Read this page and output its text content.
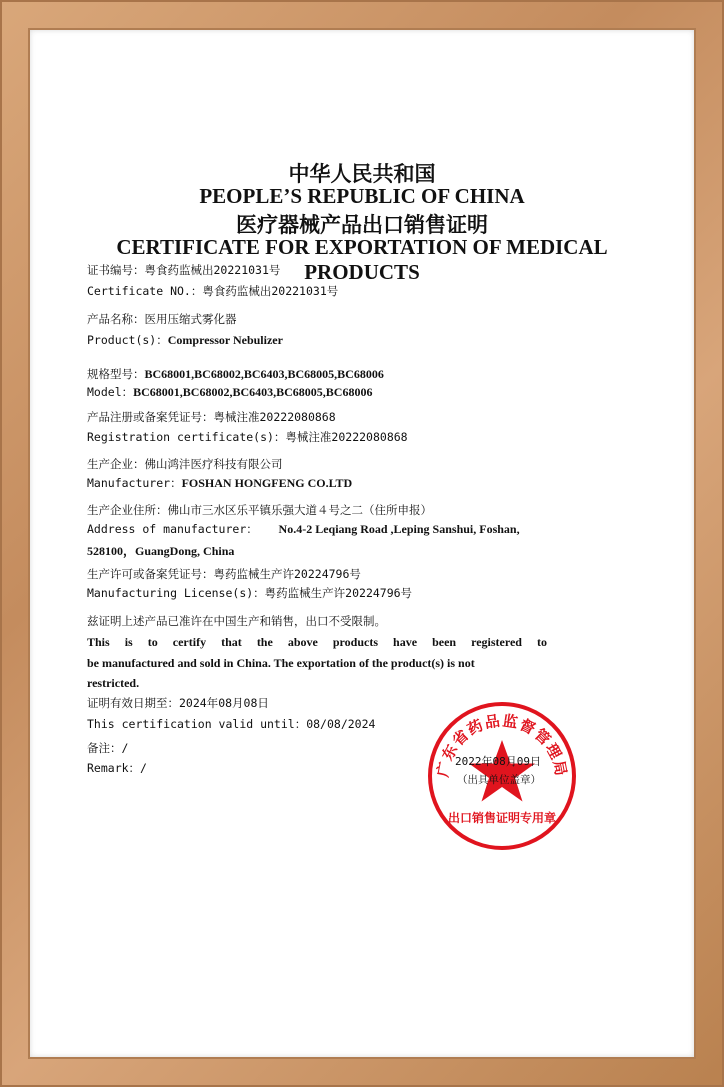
中华人民共和国
PEOPLE’S REPUBLIC OF CHINA
医疗器械产品出口销售证明
CERTIFICATE FOR EXPORTATION OF MEDICAL
PRODUCTS
证书编号：粤食药监械出20221031号
Certificate NO.：粤食药监械出20221031号
产品名称：医用压缩式雾化器
Product(s)：Compressor Nebulizer
规格型号：BC68001,BC68002,BC6403,BC68005,BC68006
Model：BC68001,BC68002,BC6403,BC68005,BC68006
产品注册或备案凭证号：粤械注准20222080868
Registration certificate(s)：粤械注准20222080868
生产企业：佛山鸿沣医疗科技有限公司
Manufacturer：FOSHAN HONGFENG CO.LTD
生产企业住所：佛山市三水区乐平镇乐强大道４号之二（住所申报）
Address of manufacturer： No.4-2 Leqiang Road ,Leping Sanshui, Foshan,
528100，GuangDong, China
生产许可或备案凭证号：粤药监械生产许20224796号
Manufacturing License(s)：粤药监械生产许20224796号
兹证明上述产品已准许在中国生产和销售，出口不受限制。
This is to certify that the above products have been registered to
be manufactured and sold in China. The exportation of the product(s) is not
restricted.
证明有效日期至：2024年08月08日
This certification valid until：08/08/2024
备注：/
Remark：/	广东省药品监督管理局
出口销售证明专用章
2022年08月09日
（出具单位盖章）
